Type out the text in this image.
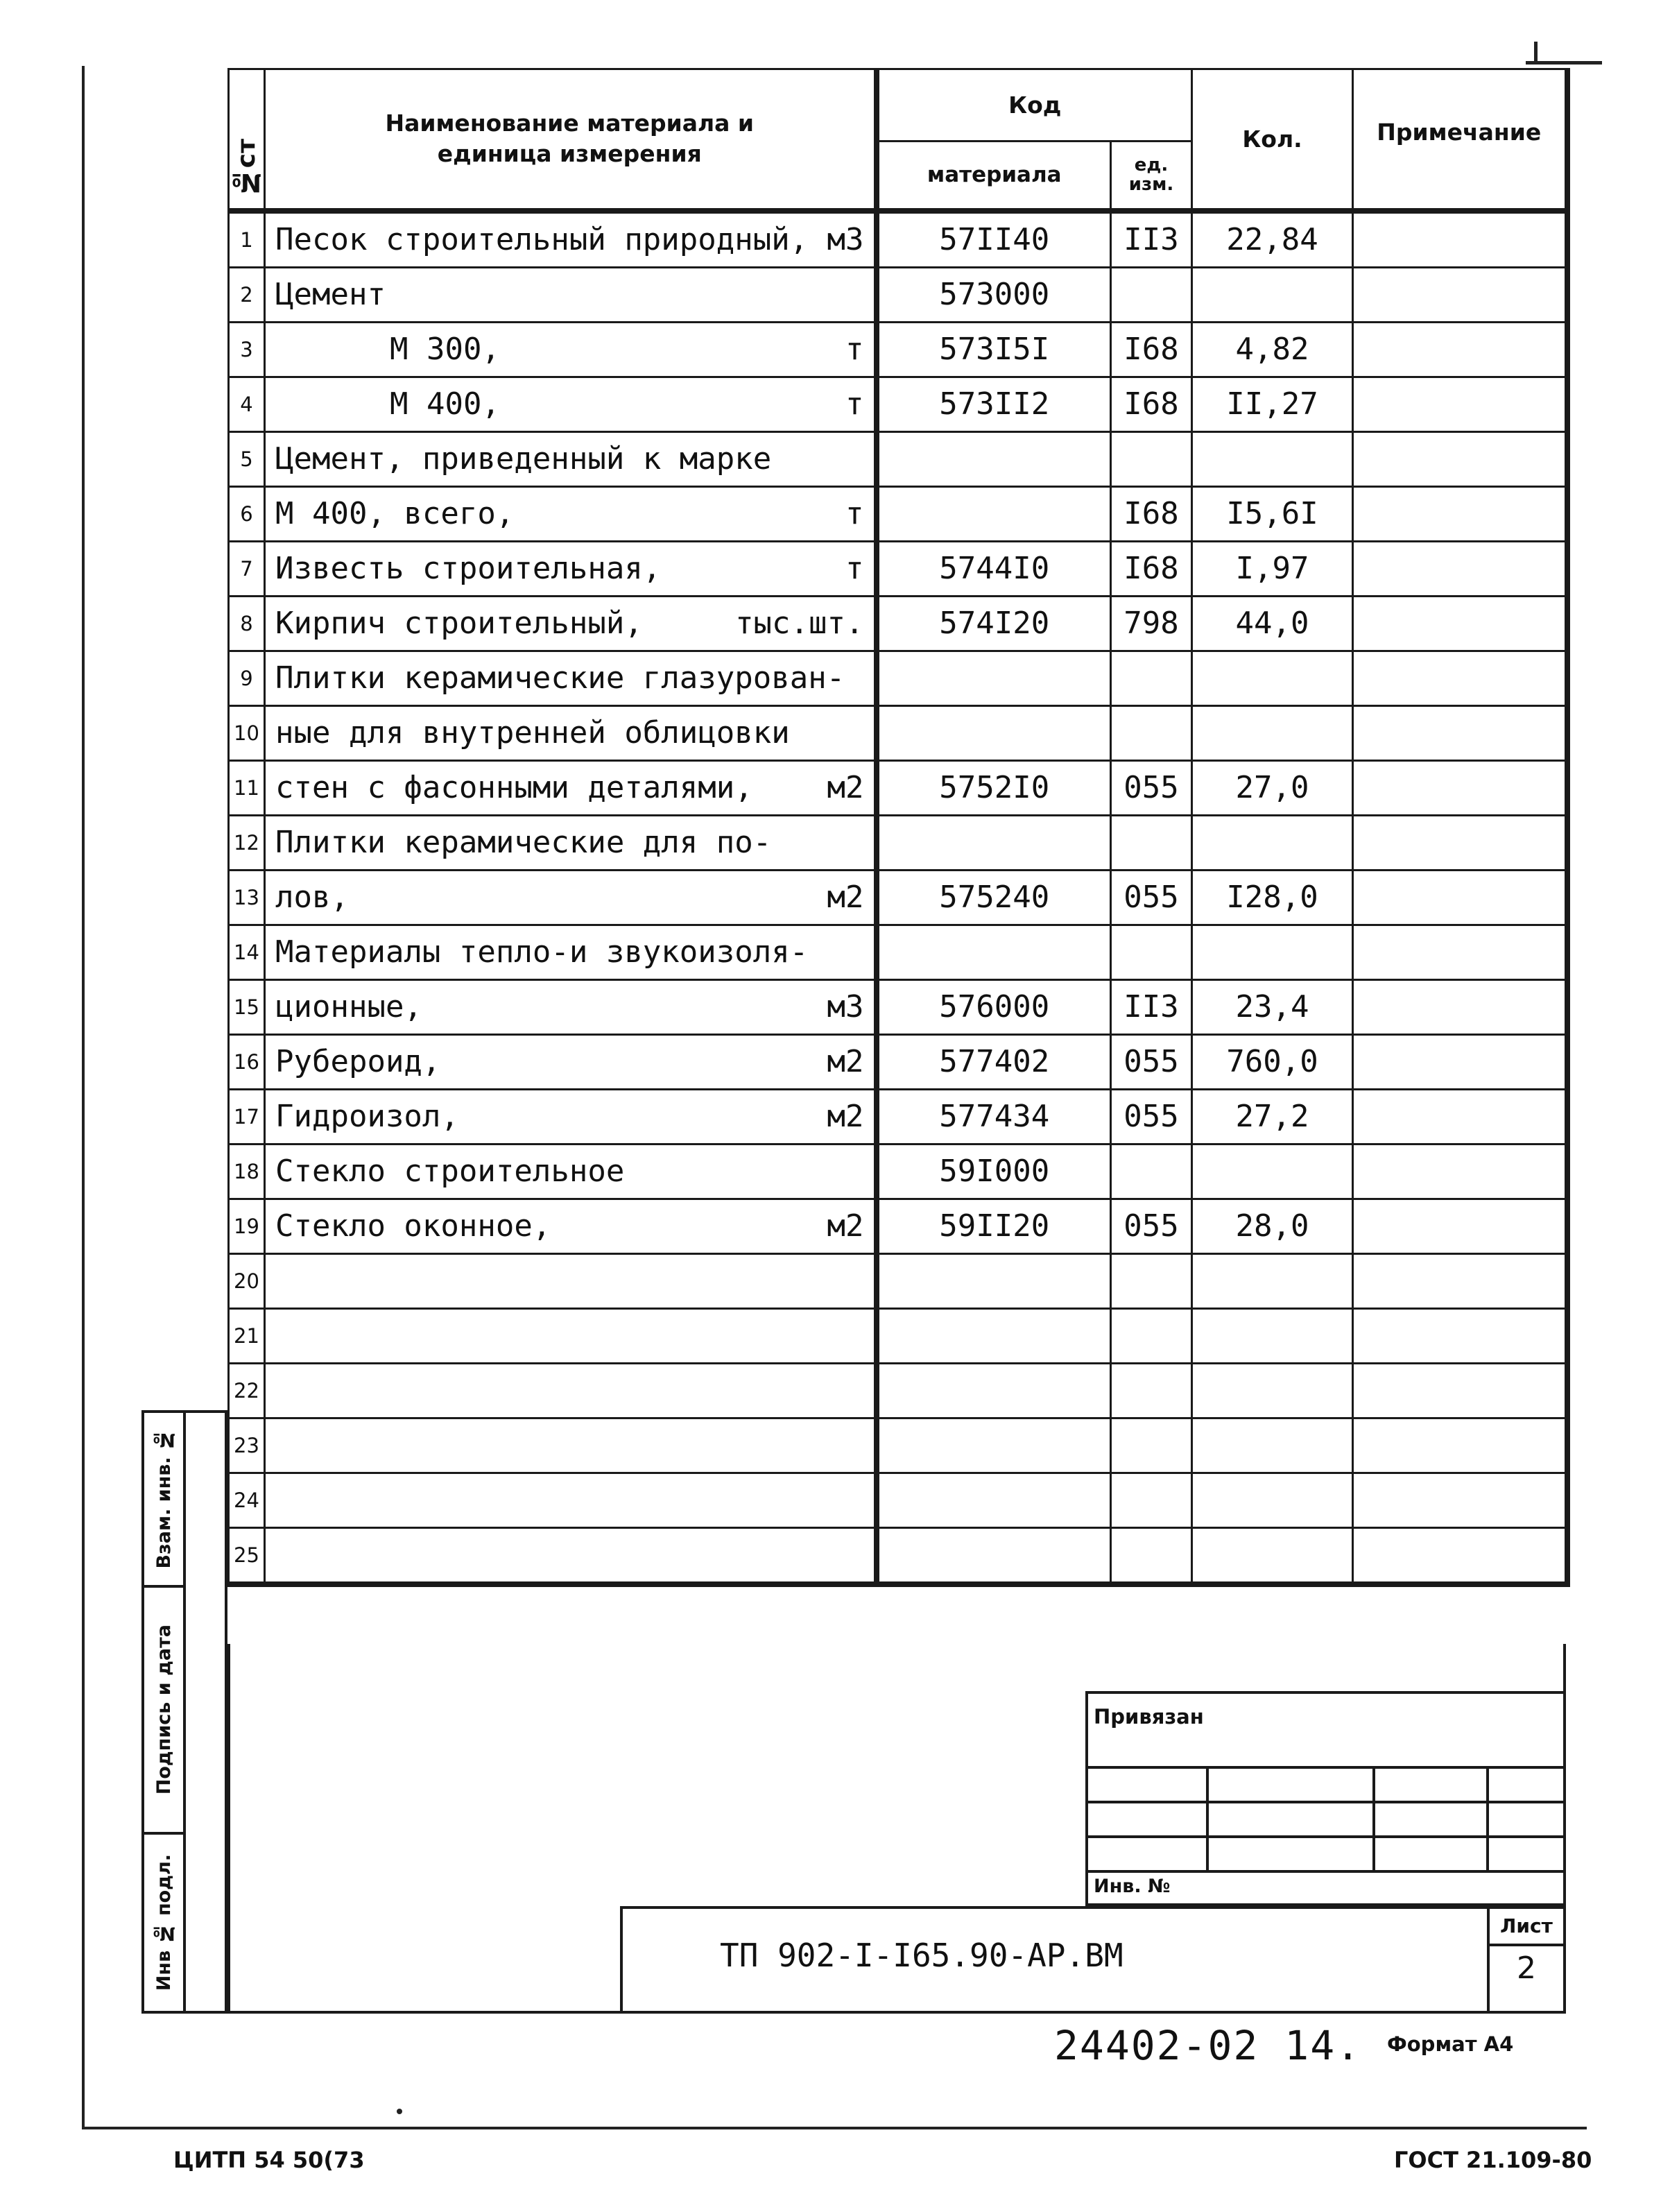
№ст	Наименование материала и единица измерения	Код		Кол.	Примечание
		материала	ед. изм.		
1	Песок строительный природный, м3	57II40	II3	22,84	
2	Цемент	573000			
3	М 300, т	573I5I	I68	4,82	
4	М 400, т	573II2	I68	II,27	
5	Цемент, приведенный к марке				

6	М 400, всего, т		I68	I5,6I	
7	Известь строительная, т	5744I0	I68	I,97	
8	Кирпич строительный, тыс.шт.	574I20	798	44,0	
9	Плитки керамические глазурован-				

10	ные для внутренней облицовки				

11	стен с фасонными деталями, м2	5752I0	055	27,0	
12	Плитки керамические для по-				

13	лов, м2	575240	055	I28,0	
14	Материалы тепло-и звукоизоля-				

15	ционные, м3	576000	II3	23,4	
16	Рубероид, м2	577402	055	760,0	
17	Гидроизол, м2	577434	055	27,2	
18	Стекло строительное	59I000			
19	Стекло оконное, м2	59II20	055	28,0	
20	

21	

22	

23	

24	

25	

Взам. инв. №
Подпись и дата
Инв № подл.
Привязан
Инв. №
ТП 902-I-I65.90-АР.ВМ
Лист
2
24402-02 14. Формат А4
ЦИТП 54 50(73	ГОСТ 21.109-80
